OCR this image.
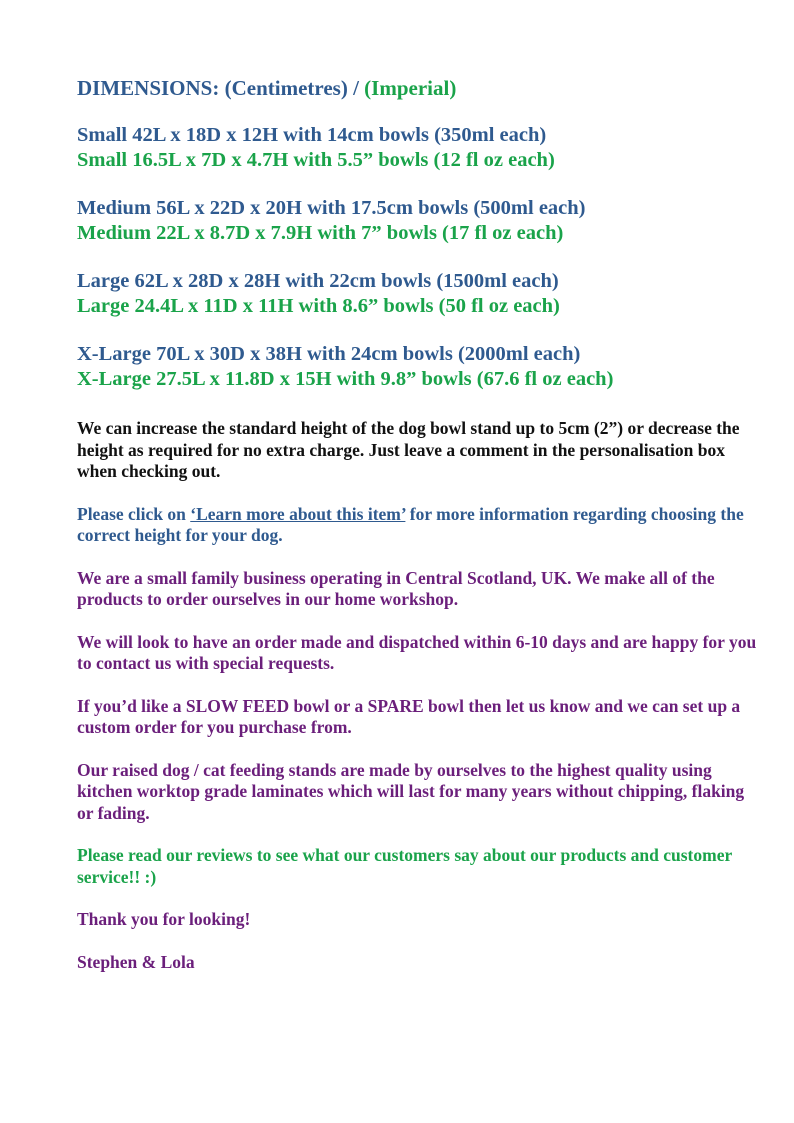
DIMENSIONS: (Centimetres) / (Imperial)
Small 42L x 18D x 12H with 14cm bowls (350ml each)
Small 16.5L x 7D x 4.7H with 5.5” bowls (12 fl oz each)
Medium 56L x 22D x 20H with 17.5cm bowls (500ml each)
Medium 22L x 8.7D x 7.9H with 7” bowls (17 fl oz each)
Large 62L x 28D x 28H with 22cm bowls (1500ml each)
Large 24.4L x 11D x 11H with 8.6” bowls (50 fl oz each)
X-Large 70L x 30D x 38H with 24cm bowls (2000ml each)
X-Large 27.5L x 11.8D x 15H with 9.8” bowls (67.6 fl oz each)
We can increase the standard height of the dog bowl stand up to 5cm (2”) or decrease the height as required for no extra charge. Just leave a comment in the personalisation box when checking out.
Please click on ‘Learn more about this item’ for more information regarding choosing the correct height for your dog.
We are a small family business operating in Central Scotland, UK. We make all of the products to order ourselves in our home workshop.
We will look to have an order made and dispatched within 6-10 days and are happy for you to contact us with special requests.
If you’d like a SLOW FEED bowl or a SPARE bowl then let us know and we can set up a custom order for you purchase from.
Our raised dog / cat feeding stands are made by ourselves to the highest quality using kitchen worktop grade laminates which will last for many years without chipping, flaking or fading.
Please read our reviews to see what our customers say about our products and customer service!! :)
Thank you for looking!
Stephen & Lola
